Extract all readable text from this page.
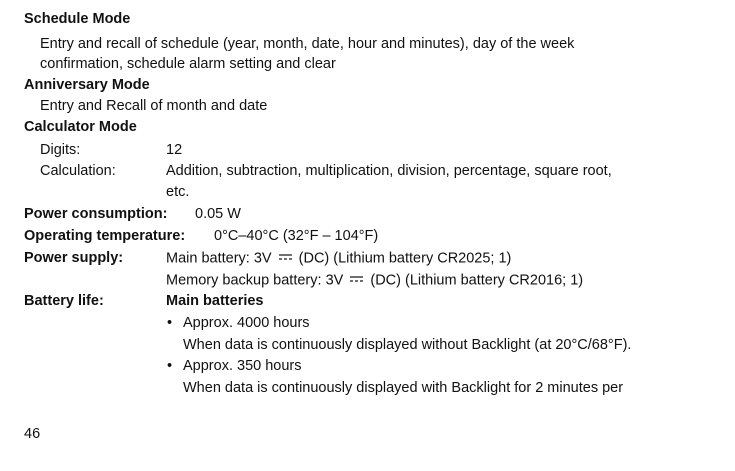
Schedule Mode
Entry and recall of schedule (year, month, date, hour and minutes), day of the week
confirmation, schedule alarm setting and clear
Anniversary Mode
Entry and Recall of month and date
Calculator Mode
Digits:	12
Calculation:	Addition, subtraction, multiplication, division, percentage, square root,
etc.
Power consumption: 0.05 W
Operating temperature: 0°C–40°C (32°F – 104°F)
Power supply:	Main battery: 3V (DC) (Lithium battery CR2025; 1)
Memory backup battery: 3V (DC) (Lithium battery CR2016; 1)
Battery life:	Main batteries
• Approx. 4000 hours
When data is continuously displayed without Backlight (at 20°C/68°F).
• Approx. 350 hours
When data is continuously displayed with Backlight for 2 minutes per
46
